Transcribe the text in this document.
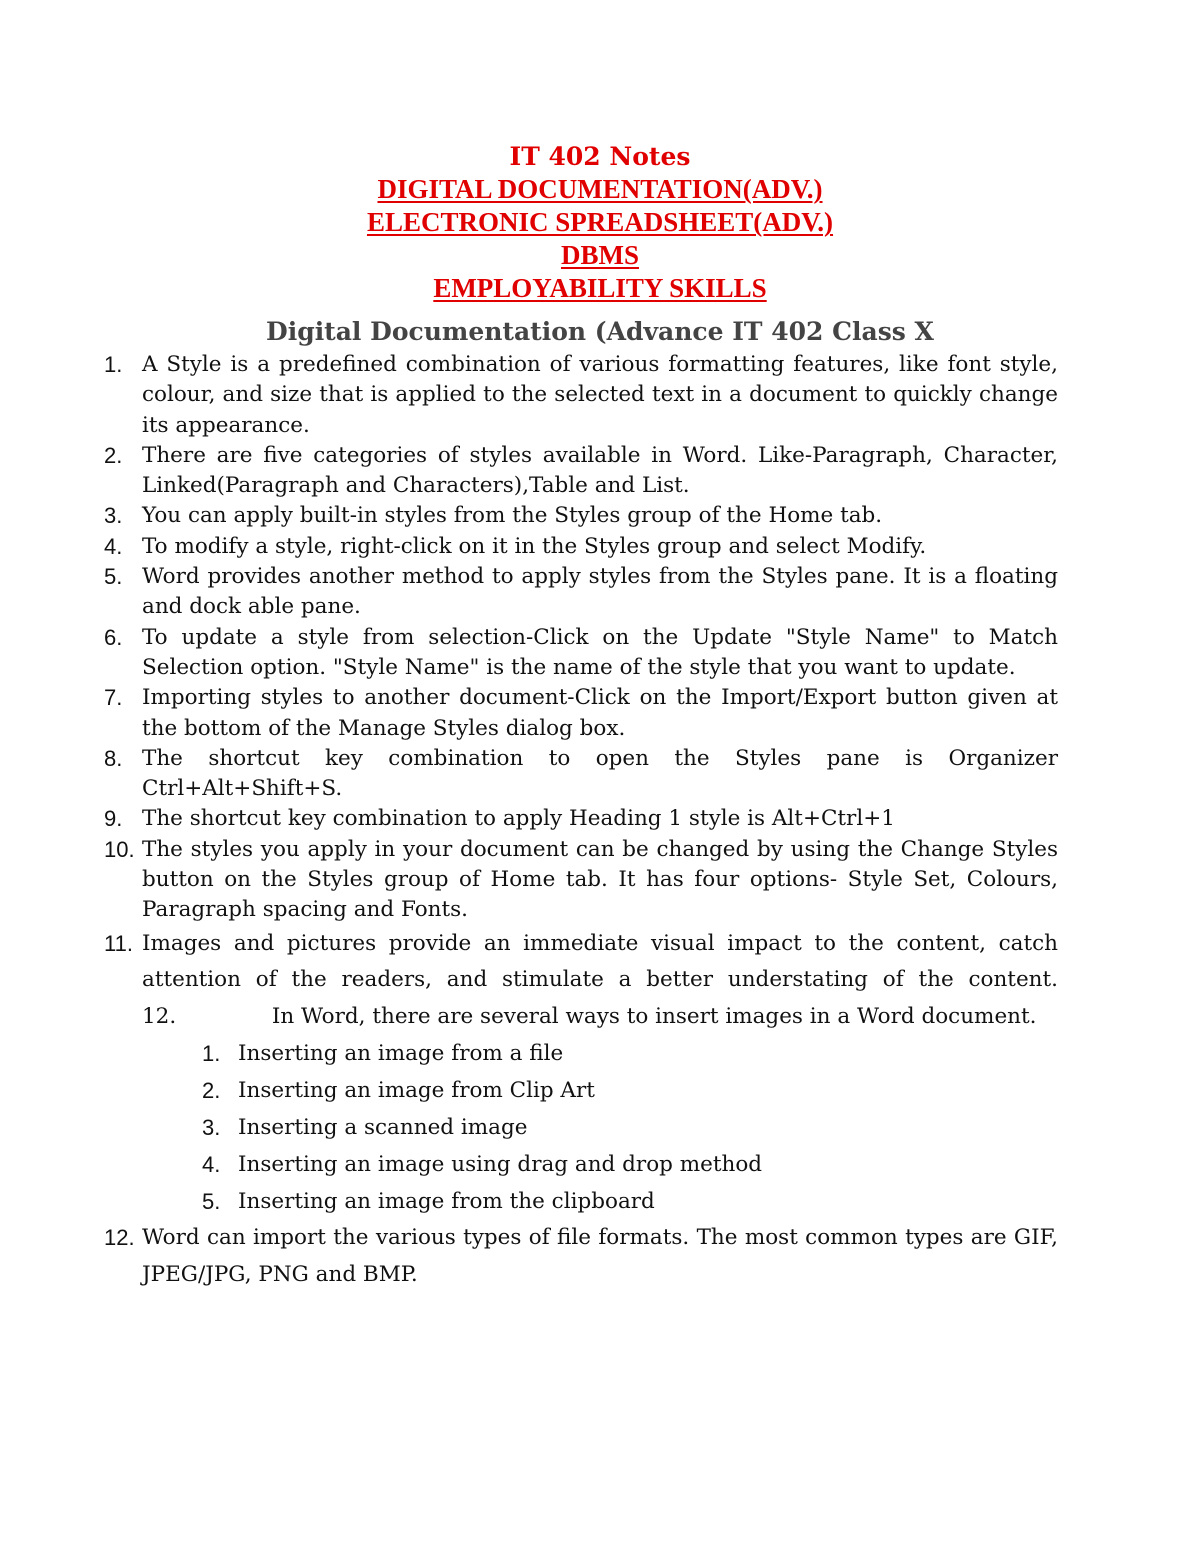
IT 402 Notes
DIGITAL DOCUMENTATION(ADV.)
ELECTRONIC SPREADSHEET(ADV.)
DBMS
EMPLOYABILITY SKILLS
Digital Documentation (Advance IT 402 Class X
1. A Style is a predefined combination of various formatting features, like font style, colour, and size that is applied to the selected text in a document to quickly change its appearance.
2. There are five categories of styles available in Word. Like-Paragraph, Character, Linked(Paragraph and Characters),Table and List.
3. You can apply built-in styles from the Styles group of the Home tab.
4. To modify a style, right-click on it in the Styles group and select Modify.
5. Word provides another method to apply styles from the Styles pane. It is a floating and dock able pane.
6. To update a style from selection-Click on the Update "Style Name" to Match Selection option. "Style Name" is the name of the style that you want to update.
7. Importing styles to another document-Click on the Import/Export button given at the bottom of the Manage Styles dialog box.
8. The shortcut key combination to open the Styles pane is Organizer Ctrl+Alt+Shift+S.
9. The shortcut key combination to apply Heading 1 style is Alt+Ctrl+1
10. The styles you apply in your document can be changed by using the Change Styles button on the Styles group of Home tab. It has four options- Style Set, Colours, Paragraph spacing and Fonts.
11. Images and pictures provide an immediate visual impact to the content, catch attention of the readers, and stimulate a better understating of the content. 12.              In Word, there are several ways to insert images in a Word document.
1. Inserting an image from a file
2. Inserting an image from Clip Art
3. Inserting a scanned image
4. Inserting an image using drag and drop method
5. Inserting an image from the clipboard
12. Word can import the various types of file formats. The most common types are GIF, JPEG/JPG, PNG and BMP.
